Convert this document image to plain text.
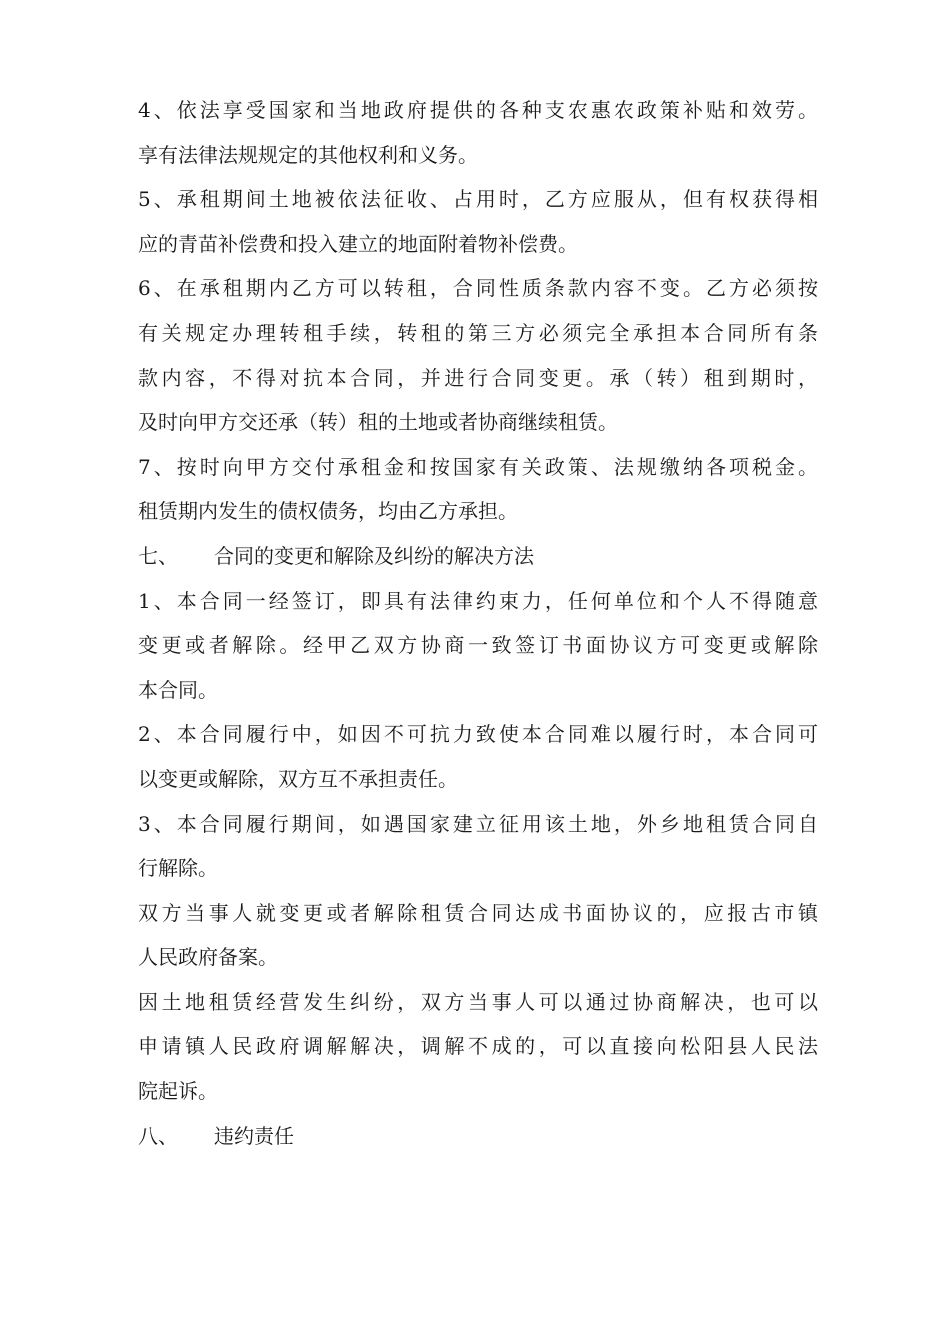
4、依法享受国家和当地政府提供的各种支农惠农政策补贴和效劳。
享有法律法规规定的其他权利和义务。
5、承租期间土地被依法征收、占用时，乙方应服从，但有权获得相
应的青苗补偿费和投入建立的地面附着物补偿费。
6、在承租期内乙方可以转租，合同性质条款内容不变。乙方必须按
有关规定办理转租手续，转租的第三方必须完全承担本合同所有条
款内容，不得对抗本合同，并进行合同变更。承（转）租到期时，
及时向甲方交还承（转）租的土地或者协商继续租赁。
7、按时向甲方交付承租金和按国家有关政策、法规缴纳各项税金。
租赁期内发生的债权债务，均由乙方承担。
七、 合同的变更和解除及纠纷的解决方法
1、本合同一经签订，即具有法律约束力，任何单位和个人不得随意
变更或者解除。经甲乙双方协商一致签订书面协议方可变更或解除
本合同。
2、本合同履行中，如因不可抗力致使本合同难以履行时，本合同可
以变更或解除，双方互不承担责任。
3、本合同履行期间，如遇国家建立征用该土地，外乡地租赁合同自
行解除。
双方当事人就变更或者解除租赁合同达成书面协议的，应报古市镇
人民政府备案。
因土地租赁经营发生纠纷，双方当事人可以通过协商解决，也可以
申请镇人民政府调解解决，调解不成的，可以直接向松阳县人民法
院起诉。
八、 违约责任
